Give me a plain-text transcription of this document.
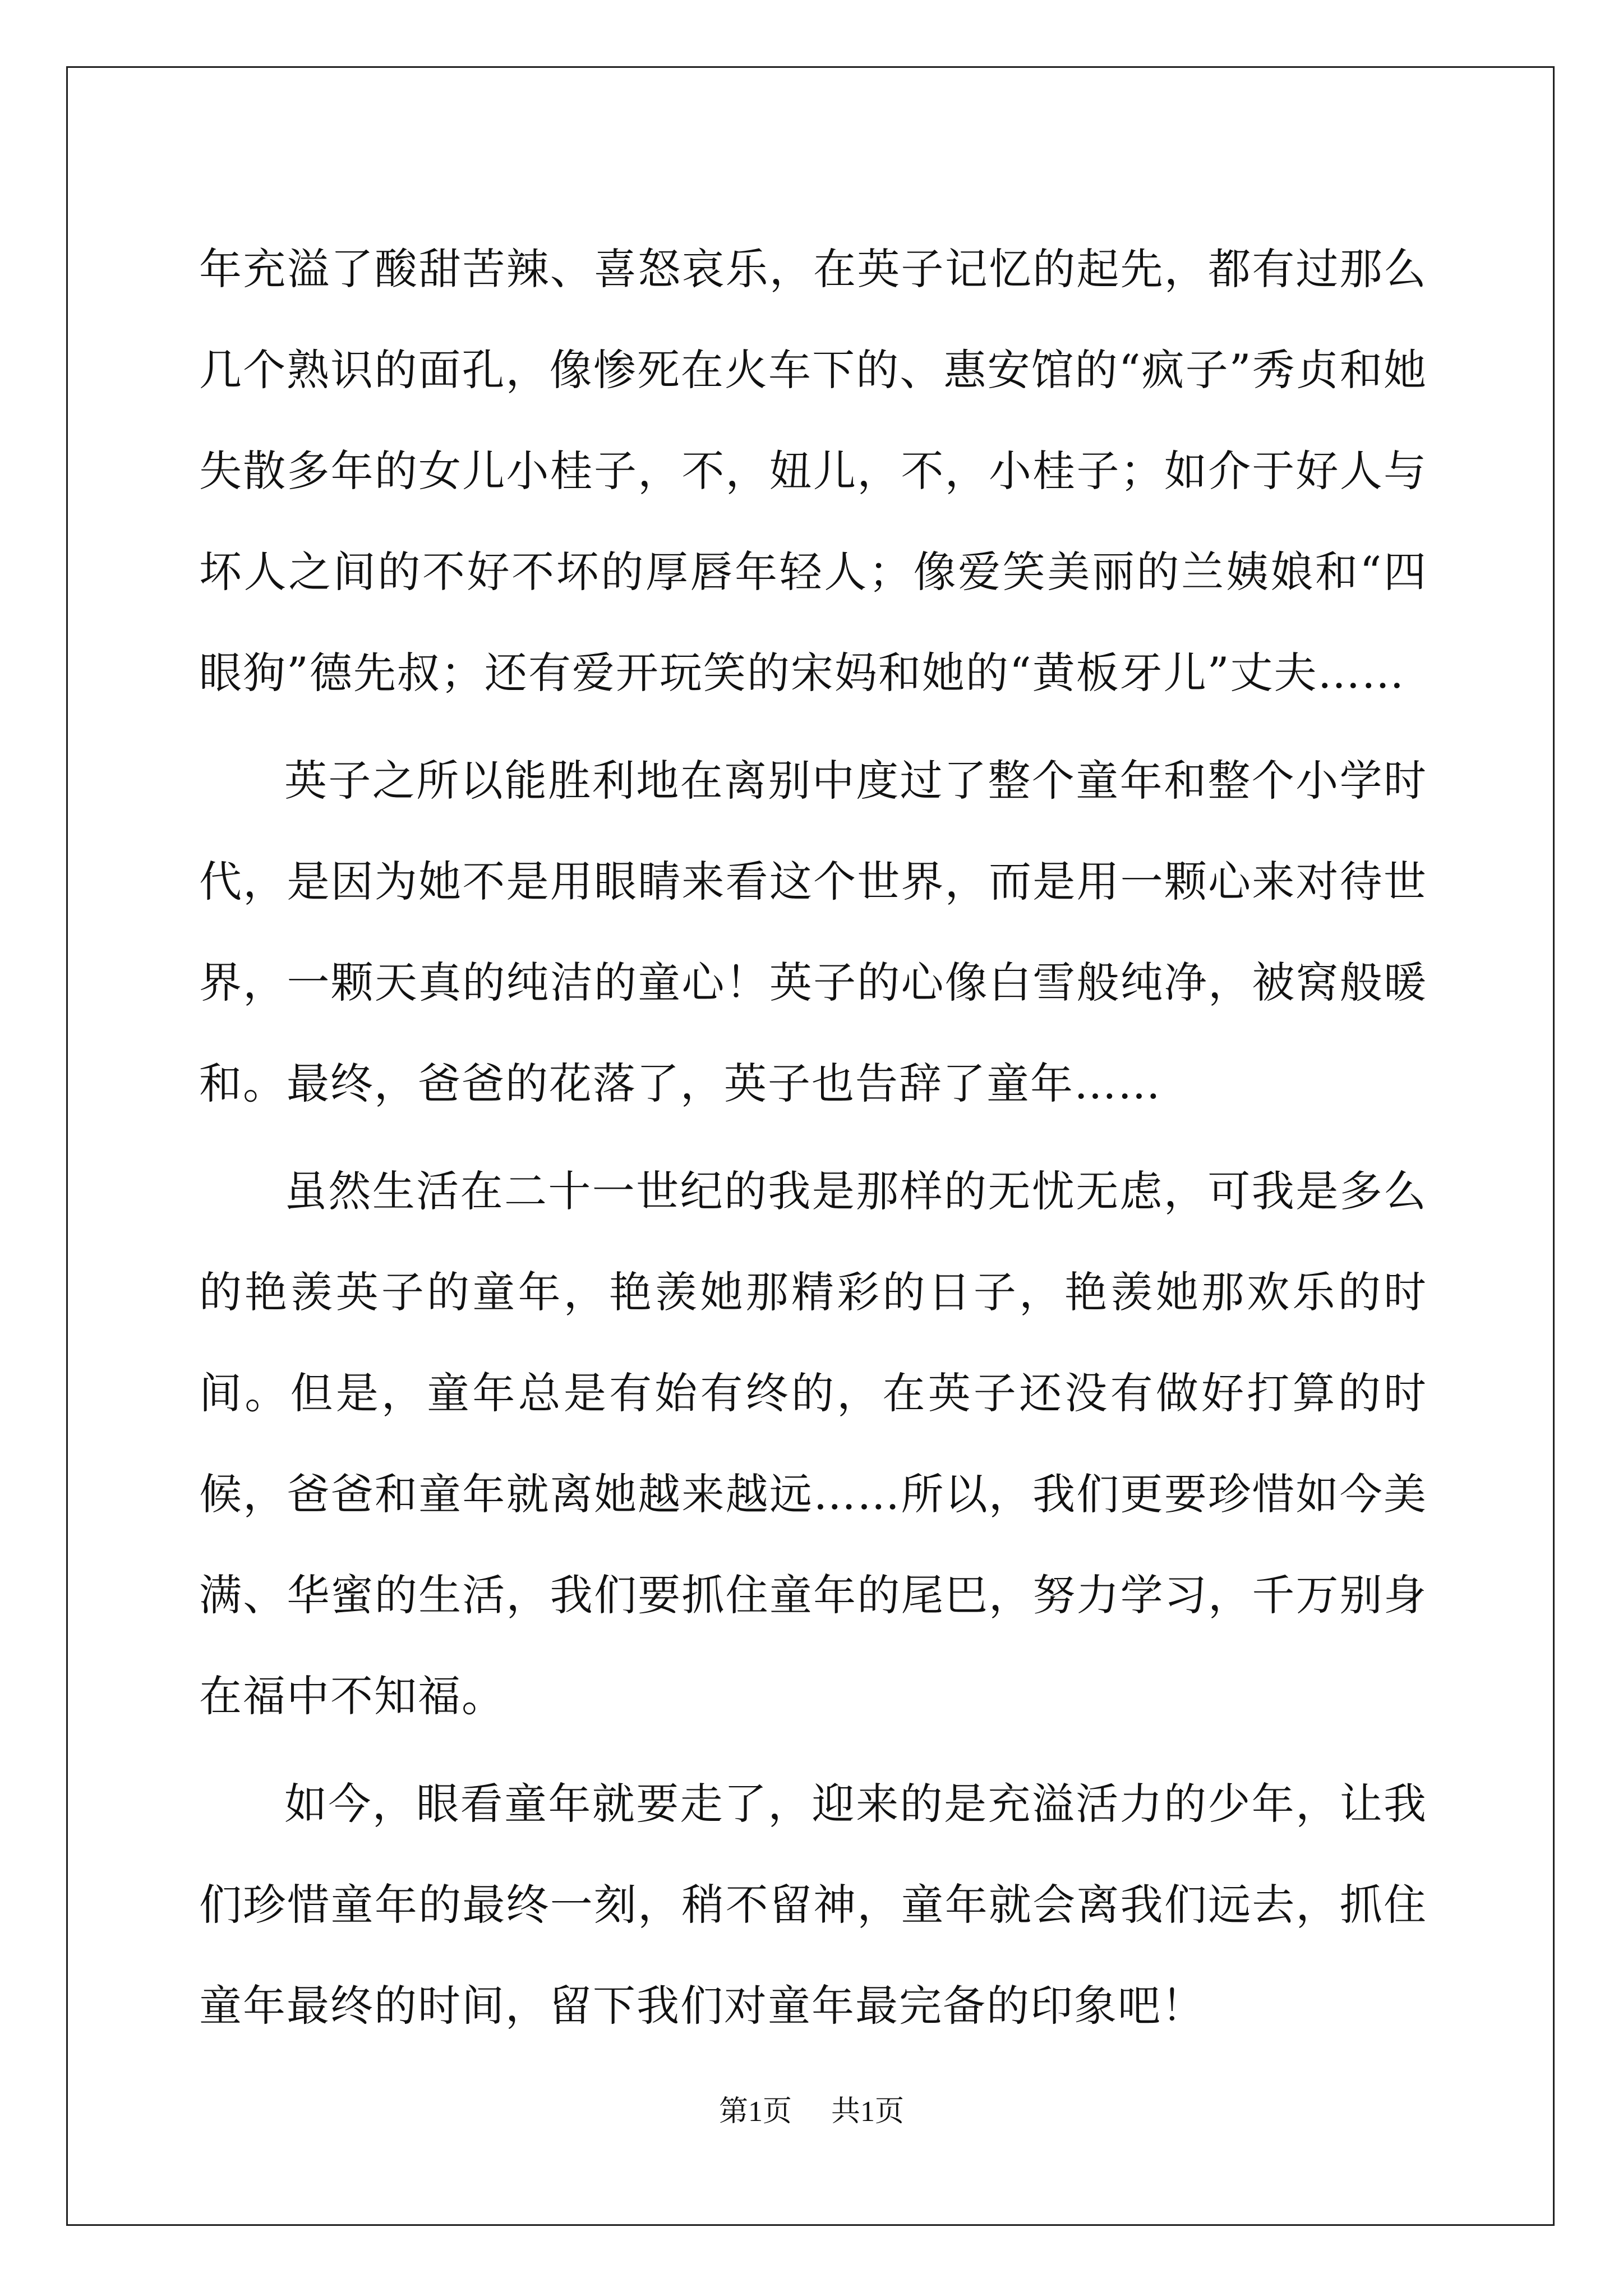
年充溢了酸甜苦辣、喜怒哀乐，在英子记忆的起先，都有过那么几个熟识的面孔，像惨死在火车下的、惠安馆的“疯子”秀贞和她失散多年的女儿小桂子，不，妞儿，不，小桂子；如介于好人与坏人之间的不好不坏的厚唇年轻人；像爱笑美丽的兰姨娘和“四眼狗”德先叔；还有爱开玩笑的宋妈和她的“黄板牙儿”丈夫……

英子之所以能胜利地在离别中度过了整个童年和整个小学时代，是因为她不是用眼睛来看这个世界，而是用一颗心来对待世界，一颗天真的纯洁的童心！英子的心像白雪般纯净，被窝般暖和。最终，爸爸的花落了，英子也告辞了童年……

虽然生活在二十一世纪的我是那样的无忧无虑，可我是多么的艳羡英子的童年，艳羡她那精彩的日子，艳羡她那欢乐的时间。但是，童年总是有始有终的，在英子还没有做好打算的时候，爸爸和童年就离她越来越远……所以，我们更要珍惜如今美满、华蜜的生活，我们要抓住童年的尾巴，努力学习，千万别身在福中不知福。

如今，眼看童年就要走了，迎来的是充溢活力的少年，让我们珍惜童年的最终一刻，稍不留神，童年就会离我们远去，抓住童年最终的时间，留下我们对童年最完备的印象吧！

第1页 共1页
